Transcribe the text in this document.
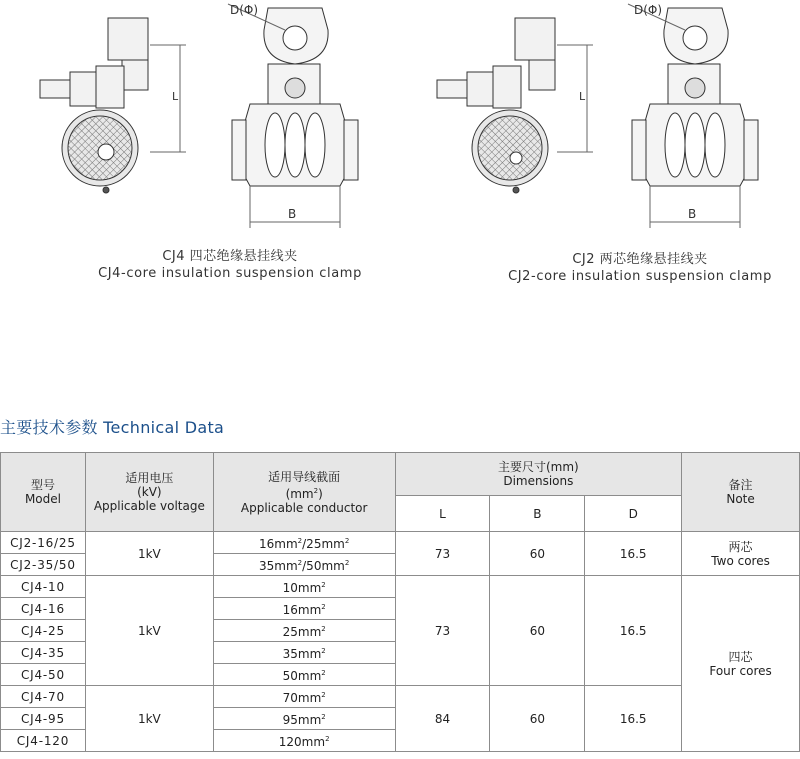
L
D(Φ)
B
L
D(Φ)
B
CJ4 四芯绝缘悬挂线夹
CJ4-core insulation suspension clamp
CJ2 两芯绝缘悬挂线夹
CJ2-core insulation suspension clamp
主要技术参数 Technical Data
型号
Model	适用电压
(kV)
Applicable voltage	适用导线截面
$(mm^2)$
Applicable conductor	主要尺寸(mm)
Dimensions			备注
Note

			L	B	D	
CJ2-16/25	1kV	$16mm^2/25mm^2$	73	60	16.5	两芯
Two cores

CJ2-35/50		$35mm^2/50mm^2$
CJ4-10	1kV	$10mm^2$	73	60	16.5	四芯
Four cores

CJ4-16		$16mm^2$
CJ4-25		$25mm^2$
CJ4-35		$35mm^2$
CJ4-50		$50mm^2$
CJ4-70	1kV	$70mm^2$	84	60	16.5	
CJ4-95		$95mm^2$
CJ4-120		$120mm^2$
